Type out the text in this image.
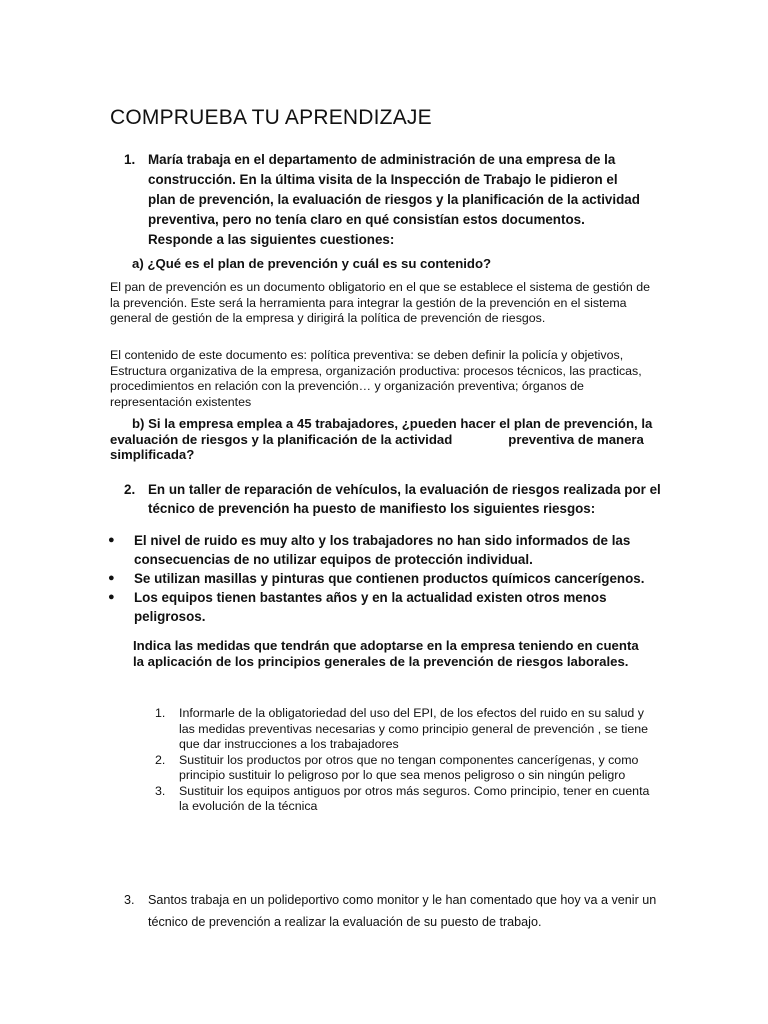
COMPRUEBA TU APRENDIZAJE
1. María trabaja en el departamento de administración de una empresa de la construcción. En la última visita de la Inspección de Trabajo le pidieron el plan de prevención, la evaluación de riesgos y la planificación de la actividad preventiva, pero no tenía claro en qué consistían estos documentos. Responde a las siguientes cuestiones:
a) ¿Qué es el plan de prevención y cuál es su contenido?

El pan de prevención es un documento obligatorio en el que se establece el sistema de gestión de la prevención. Este será la herramienta para integrar la gestión de la prevención en el sistema general de gestión de la empresa y dirigirá la política de prevención de riesgos.

El contenido de este documento es: política preventiva: se deben definir la policía y objetivos, Estructura organizativa de la empresa, organización productiva: procesos técnicos, las practicas, procedimientos en relación con la prevención… y organización preventiva; órganos de representación existentes

b) Si la empresa emplea a 45 trabajadores, ¿pueden hacer el plan de prevención, la evaluación de riesgos y la planificación de la actividad	preventiva de manera simplificada?
2. En un taller de reparación de vehículos, la evaluación de riesgos realizada por el técnico de prevención ha puesto de manifiesto los siguientes riesgos:
● El nivel de ruido es muy alto y los trabajadores no han sido informados de las consecuencias de no utilizar equipos de protección individual.
● Se utilizan masillas y pinturas que contienen productos químicos cancerígenos.
● Los equipos tienen bastantes años y en la actualidad existen otros menos peligrosos.
Indica las medidas que tendrán que adoptarse en la empresa teniendo en cuenta la aplicación de los principios generales de la prevención de riesgos laborales.
1. Informarle de la obligatoriedad del uso del EPI, de los efectos del ruido en su salud y las medidas preventivas necesarias y como principio general de prevención , se tiene que dar instrucciones a los trabajadores
2. Sustituir los productos por otros que no tengan componentes cancerígenas, y como principio sustituir lo peligroso por lo que sea menos peligroso o sin ningún peligro
3. Sustituir los equipos antiguos por otros más seguros. Como principio, tener en cuenta la evolución de la técnica
3. Santos trabaja en un polideportivo como monitor y le han comentado que hoy va a venir un técnico de prevención a realizar la evaluación de su puesto de trabajo.
